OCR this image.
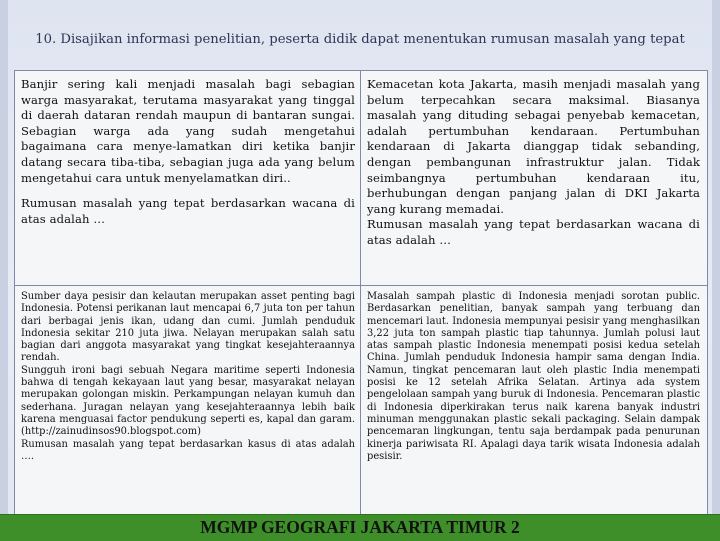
10. Disajikan informasi penelitian, peserta didik dapat menentukan rumusan masalah yang tepat

Banjir sering kali menjadi masalah bagi sebagian warga masyarakat, terutama masyarakat yang tinggal di daerah dataran rendah maupun di bantaran sungai. Sebagian warga ada yang sudah mengetahui bagaimana cara menye-lamatkan diri ketika banjir datang secara tiba-tiba, sebagian juga ada yang belum mengetahui cara untuk menyelamatkan diri..

Rumusan masalah yang tepat berdasarkan wacana di atas adalah …

Kemacetan kota Jakarta, masih menjadi masalah yang belum terpecahkan secara maksimal. Biasanya masalah yang dituding sebagai penyebab kemacetan, adalah pertumbuhan kendaraan. Pertumbuhan kendaraan di Jakarta dianggap tidak sebanding, dengan pembangunan infrastruktur jalan. Tidak seimbangnya pertumbuhan kendaraan itu, berhubungan dengan panjang jalan di DKI Jakarta yang kurang memadai.

Rumusan masalah yang tepat berdasarkan wacana di atas adalah …

Sumber daya pesisir dan kelautan merupakan asset penting bagi Indonesia. Potensi perikanan laut mencapai 6,7 juta ton per tahun dari berbagai jenis ikan, udang dan cumi. Jumlah penduduk Indonesia sekitar 210 juta jiwa. Nelayan merupakan salah satu bagian dari anggota masyarakat yang tingkat kesejahteraannya rendah.

Sungguh ironi bagi sebuah Negara maritime seperti Indonesia bahwa di tengah kekayaan laut yang besar, masyarakat nelayan merupakan golongan miskin. Perkampungan nelayan kumuh dan sederhana. Juragan nelayan yang kesejahteraannya lebih baik karena menguasai factor pendukung seperti es, kapal dan garam.(http://zainudinsos90.blogspot.com)

Rumusan masalah yang tepat berdasarkan kasus di atas adalah ….

Masalah sampah plastic di Indonesia menjadi sorotan public. Berdasarkan penelitian, banyak sampah yang terbuang dan mencemari laut. Indonesia mempunyai pesisir yang menghasilkan 3,22 juta ton sampah plastic tiap tahunnya. Jumlah polusi laut atas sampah plastic Indonesia menempati posisi kedua setelah China. Jumlah penduduk Indonesia hampir sama dengan India. Namun, tingkat pencemaran laut oleh plastic India menempati posisi ke 12 setelah Afrika Selatan. Artinya ada system pengelolaan sampah yang buruk di Indonesia. Pencemaran plastic di Indonesia diperkirakan terus naik karena banyak industri minuman menggunakan plastic sekali packaging. Selain dampak pencemaran lingkungan, tentu saja berdampak pada penurunan kinerja pariwisata RI. Apalagi daya tarik wisata Indonesia adalah pesisir.

MGMP GEOGRAFI JAKARTA TIMUR 2
